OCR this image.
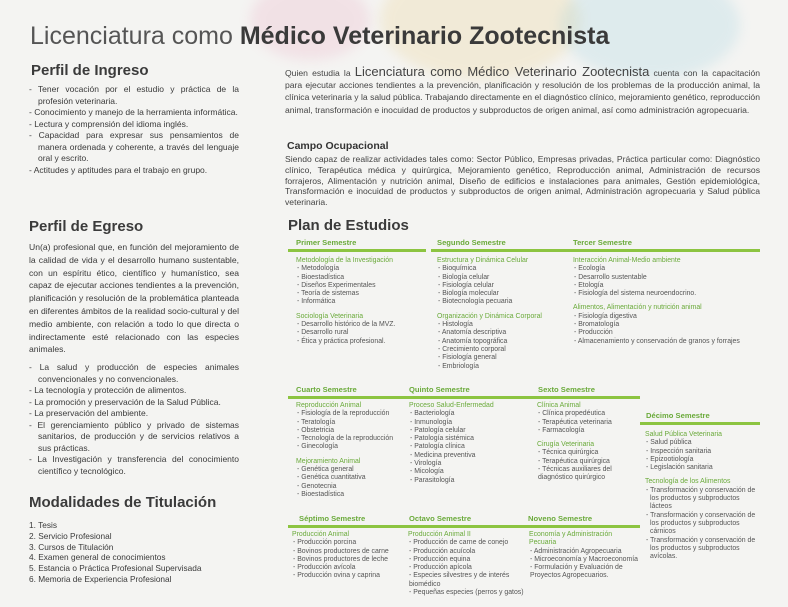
Licenciatura como Médico Veterinario Zootecnista
Perfil de Ingreso
- Tener vocación por el estudio y práctica de la profesión veterinaria.
- Conocimiento y manejo de la herramienta informática.
- Lectura y comprensión del idioma inglés.
- Capacidad para expresar sus pensamientos de manera ordenada y coherente, a través del lenguaje oral y escrito.
- Actitudes y aptitudes para el trabajo en grupo.
Perfil de Egreso

Un(a) profesional que, en función del mejoramiento de la calidad de vida y el desarrollo humano sustentable, con un espíritu ético, científico y humanístico, sea capaz de ejecutar acciones tendientes a la prevención, planificación y resolución de la problemática planteada en diferentes ámbitos de la realidad socio-cultural y del medio ambiente, con relación a todo lo que directa o indirectamente esté relacionado con las especies animales.

- La salud y producción de especies animales convencionales y no convencionales.
- La tecnología y protección de alimentos.
- La promoción y preservación de la Salud Pública.
- La preservación del ambiente.
- El gerenciamiento público y privado de sistemas sanitarios, de producción y de servicios relativos a sus prácticas.
- La Investigación y transferencia del conocimiento científico y tecnológico.
Modalidades de Titulación
1. Tesis
2. Servicio Profesional
3. Cursos de Titulación
4. Examen general de conocimientos
5. Estancia o Práctica Profesional Supervisada
6. Memoria de Experiencia Profesional

Quien estudia la Licenciatura como Médico Veterinario Zootecnista cuenta con la capacitación para ejecutar acciones tendientes a la prevención, planificación y resolución de los problemas de la producción animal, la clínica veterinaria y la salud pública. Trabajando directamente en el diagnóstico clínico, mejoramiento genético, reproducción animal, transformación e inocuidad de productos y subproductos de origen animal, así como administración agropecuaria.

Campo Ocupacional

Siendo capaz de realizar actividades tales como: Sector Público, Empresas privadas, Práctica particular como: Diagnóstico clínico, Terapéutica médica y quirúrgica, Mejoramiento genético, Reproducción animal, Administración de recursos forrajeros, Alimentación y nutrición animal, Diseño de edificios e instalaciones para animales, Gestión epidemiológica, Transformación e inocuidad de productos y subproductos de origen animal, Administración agropecuaria y Salud pública veterinaria.

Plan de Estudios
Primer Semestre
Metodología de la Investigación
- Metodología
- Bioestadística
- Diseños Experimentales
- Teoría de sistemas
- Informática
Sociología Veterinaria
- Desarrollo histórico de la MVZ.
- Desarrollo rural
- Ética y práctica profesional.
Segundo Semestre
Estructura y Dinámica Celular
- Bioquímica
- Biología celular
- Fisiología celular
- Biología molecular
- Biotecnología pecuaria
Organización y Dinámica Corporal
- Histología
- Anatomía descriptiva
- Anatomía topográfica
- Crecimiento corporal
- Fisiología general
- Embriología
Tercer Semestre
Interacción Animal-Medio ambiente
- Ecología
- Desarrollo sustentable
- Etología
- Fisiología del sistema neuroendocrino.
Alimentos, Alimentación y nutrición animal
- Fisiología digestiva
- Bromatología
- Producción
- Almacenamiento y conservación de granos y forrajes
Cuarto Semestre
Reproducción Animal
- Fisiología de la reproducción
- Teratología
- Obstetricia
- Tecnología de la reproducción
- Ginecología
Mejoramiento Animal
- Genética general
- Genética cuantitativa
- Genotecnia
- Bioestadística
Quinto Semestre
Proceso Salud-Enfermedad
- Bacteriología
- Inmunología
- Patología celular
- Patología sistémica
- Patología clínica
- Medicina preventiva
- Virología
- Micología
- Parasitología
Sexto Semestre
Clínica Animal
- Clínica propedéutica
- Terapéutica veterinaria
- Farmacología
Cirugía Veterinaria
- Técnica quirúrgica
- Terapéutica quirúrgica
- Técnicas auxiliares del
diagnóstico quirúrgico
Décimo Semestre
Salud Pública Veterinaria
- Salud pública
- Inspección sanitaria
- Epizootiología
- Legislación sanitaria
Tecnología de los Alimentos
- Transformación y conservación de los productos y subproductos lácteos
- Transformación y conservación de los productos y subproductos cárnicos
- Transformación y conservación de los productos y subproductos avícolas.
Séptimo Semestre
Producción Animal
- Producción porcina
- Bovinos productores de carne
- Bovinos productores de leche
- Producción avícola
- Producción ovina y caprina
Octavo Semestre
Producción Animal II
- Producción de carne de conejo
- Producción acuícola
- Producción equina
- Producción apícola
- Especies silvestres y de interés
biomédico
- Pequeñas especies (perros y gatos)
Noveno Semestre
Economía y Administración Pecuaria
- Administración Agropecuaria
- Microeconomía y Macroeconomía
- Formulación y Evaluación de
Proyectos Agropecuarios.
